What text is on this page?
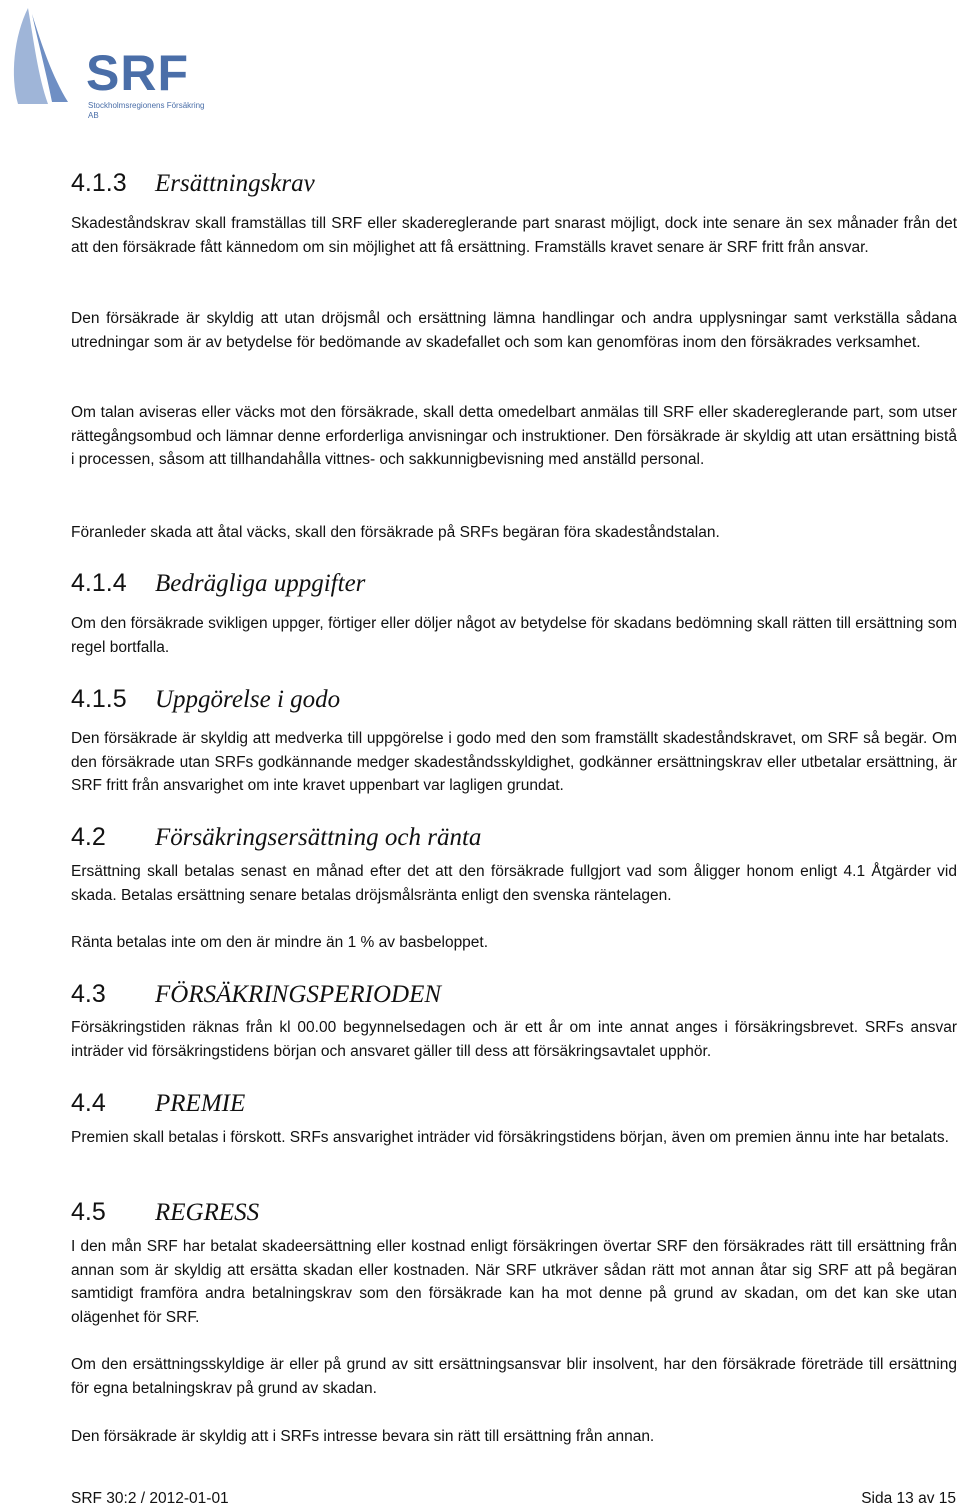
SRF
Stockholmsregionens Försäkring AB
4.1.3 Ersättningskrav
Skadeståndskrav skall framställas till SRF eller skadereglerande part snarast möjligt, dock inte senare än sex månader från det att den försäkrade fått kännedom om sin möjlighet att få ersättning. Framställs kravet senare är SRF fritt från ansvar.
Den försäkrade är skyldig att utan dröjsmål och ersättning lämna handlingar och andra upplysningar samt verkställa sådana utredningar som är av betydelse för bedömande av skadefallet och som kan genomföras inom den försäkrades verksamhet.
Om talan aviseras eller väcks mot den försäkrade, skall detta omedelbart anmälas till SRF eller skadereglerande part, som utser rättegångsombud och lämnar denne erforderliga anvisningar och instruktioner. Den försäkrade är skyldig att utan ersättning bistå i processen, såsom att tillhandahålla vittnes- och sakkunnigbevisning med anställd personal.
Föranleder skada att åtal väcks, skall den försäkrade på SRFs begäran föra skadeståndstalan.
4.1.4 Bedrägliga uppgifter
Om den försäkrade svikligen uppger, förtiger eller döljer något av betydelse för skadans bedömning skall rätten till ersättning som regel bortfalla.
4.1.5 Uppgörelse i godo
Den försäkrade är skyldig att medverka till uppgörelse i godo med den som framställt skadeståndskravet, om SRF så begär. Om den försäkrade utan SRFs godkännande medger skadeståndsskyldighet, godkänner ersättningskrav eller utbetalar ersättning, är SRF fritt från ansvarighet om inte kravet uppenbart var lagligen grundat.
4.2 Försäkringsersättning och ränta
Ersättning skall betalas senast en månad efter det att den försäkrade fullgjort vad som åligger honom enligt 4.1 Åtgärder vid skada. Betalas ersättning senare betalas dröjsmålsränta enligt den svenska räntelagen.
Ränta betalas inte om den är mindre än 1 % av basbeloppet.
4.3 FÖRSÄKRINGSPERIODEN
Försäkringstiden räknas från kl 00.00 begynnelsedagen och är ett år om inte annat anges i försäkringsbrevet. SRFs ansvar inträder vid försäkringstidens början och ansvaret gäller till dess att försäkringsavtalet upphör.
4.4 PREMIE
Premien skall betalas i förskott. SRFs ansvarighet inträder vid försäkringstidens början, även om premien ännu inte har betalats.
4.5 REGRESS
I den mån SRF har betalat skadeersättning eller kostnad enligt försäkringen övertar SRF den försäkrades rätt till ersättning från annan som är skyldig att ersätta skadan eller kostnaden. När SRF utkräver sådan rätt mot annan åtar sig SRF att på begäran samtidigt framföra andra betalningskrav som den försäkrade kan ha mot denne på grund av skadan, om det kan ske utan olägenhet för SRF.
Om den ersättningsskyldige är eller på grund av sitt ersättningsansvar blir insolvent, har den försäkrade företräde till ersättning för egna betalningskrav på grund av skadan.
Den försäkrade är skyldig att i SRFs intresse bevara sin rätt till ersättning från annan.
SRF 30:2 / 2012-01-01	Sida 13 av 15
